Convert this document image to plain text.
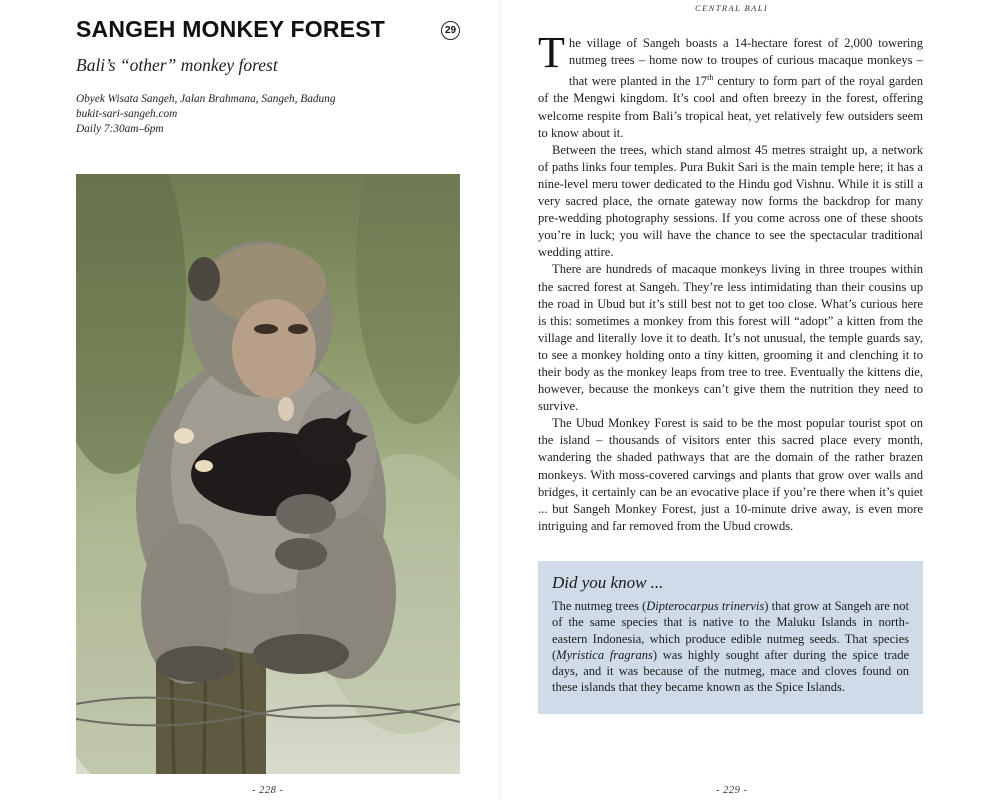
SANGEH MONKEY FOREST	29
Bali’s “other” monkey forest
Obyek Wisata Sangeh, Jalan Brahmana, Sangeh, Badung
bukit-sari-sangeh.com
Daily 7:30am–6pm
- 228 -
CENTRAL BALI

The village of Sangeh boasts a 14-hectare forest of 2,000 towering nutmeg trees – home now to troupes of curious macaque monkeys – that were planted in the 17th century to form part of the royal garden of the Mengwi kingdom. It’s cool and often breezy in the forest, offering welcome respite from Bali’s tropical heat, yet relatively few outsiders seem to know about it.

Between the trees, which stand almost 45 metres straight up, a network of paths links four temples. Pura Bukit Sari is the main temple here; it has a nine-level meru tower dedicated to the Hindu god Vishnu. While it is still a very sacred place, the ornate gateway now forms the backdrop for many pre-wedding photography sessions. If you come across one of these shoots you’re in luck; you will have the chance to see the spectacular traditional wedding attire.

There are hundreds of macaque monkeys living in three troupes within the sacred forest at Sangeh. They’re less intimidating than their cousins up the road in Ubud but it’s still best not to get too close. What’s curious here is this: sometimes a monkey from this forest will “adopt” a kitten from the village and literally love it to death. It’s not unusual, the temple guards say, to see a monkey holding onto a tiny kitten, grooming it and clenching it to their body as the monkey leaps from tree to tree. Eventually the kittens die, however, because the monkeys can’t give them the nutrition they need to survive.

The Ubud Monkey Forest is said to be the most popular tourist spot on the island – thousands of visitors enter this sacred place every month, wandering the shaded pathways that are the domain of the rather brazen monkeys. With moss-covered carvings and plants that grow over walls and bridges, it certainly can be an evocative place if you’re there when it’s quiet ... but Sangeh Monkey Forest, just a 10-minute drive away, is even more intriguing and far removed from the Ubud crowds.

Did you know ...
The nutmeg trees (Dipterocarpus trinervis) that grow at Sangeh are not of the same species that is native to the Maluku Islands in north-eastern Indonesia, which produce edible nutmeg seeds. That species (Myristica fragrans) was highly sought after during the spice trade days, and it was because of the nutmeg, mace and cloves found on these islands that they became known as the Spice Islands.
- 229 -
